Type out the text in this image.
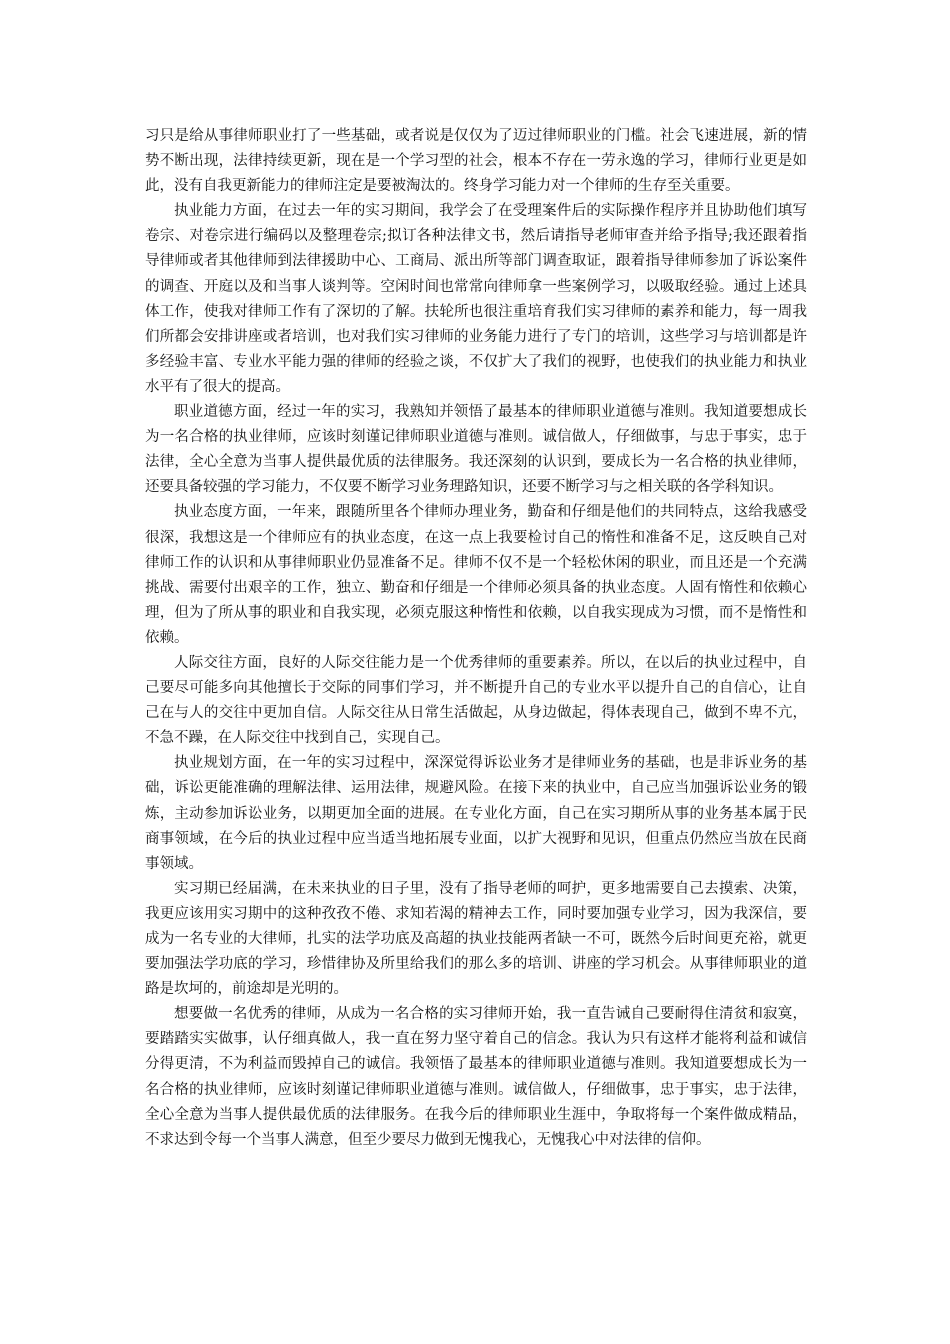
习只是给从事律师职业打了一些基础，或者说是仅仅为了迈过律师职业的门槛。社会飞速进展，新的情势不断出现，法律持续更新，现在是一个学习型的社会，根本不存在一劳永逸的学习，律师行业更是如此，没有自我更新能力的律师注定是要被淘汰的。终身学习能力对一个律师的生存至关重要。

执业能力方面，在过去一年的实习期间，我学会了在受理案件后的实际操作程序并且协助他们填写卷宗、对卷宗进行编码以及整理卷宗;拟订各种法律文书，然后请指导老师审查并给予指导;我还跟着指导律师或者其他律师到法律援助中心、工商局、派出所等部门调查取证，跟着指导律师参加了诉讼案件的调查、开庭以及和当事人谈判等。空闲时间也常常向律师拿一些案例学习，以吸取经验。通过上述具体工作，使我对律师工作有了深切的了解。扶轮所也很注重培育我们实习律师的素养和能力，每一周我们所都会安排讲座或者培训，也对我们实习律师的业务能力进行了专门的培训，这些学习与培训都是许多经验丰富、专业水平能力强的律师的经验之谈，不仅扩大了我们的视野，也使我们的执业能力和执业水平有了很大的提高。

职业道德方面，经过一年的实习，我熟知并领悟了最基本的律师职业道德与准则。我知道要想成长为一名合格的执业律师，应该时刻谨记律师职业道德与准则。诚信做人，仔细做事，与忠于事实，忠于法律，全心全意为当事人提供最优质的法律服务。我还深刻的认识到，要成长为一名合格的执业律师，还要具备较强的学习能力，不仅要不断学习业务理路知识，还要不断学习与之相关联的各学科知识。

执业态度方面，一年来，跟随所里各个律师办理业务，勤奋和仔细是他们的共同特点，这给我感受很深，我想这是一个律师应有的执业态度，在这一点上我要检讨自己的惰性和准备不足，这反映自己对律师工作的认识和从事律师职业仍显准备不足。律师不仅不是一个轻松休闲的职业，而且还是一个充满挑战、需要付出艰辛的工作，独立、勤奋和仔细是一个律师必须具备的执业态度。人固有惰性和依赖心理，但为了所从事的职业和自我实现，必须克服这种惰性和依赖，以自我实现成为习惯，而不是惰性和依赖。

人际交往方面，良好的人际交往能力是一个优秀律师的重要素养。所以，在以后的执业过程中，自己要尽可能多向其他擅长于交际的同事们学习，并不断提升自己的专业水平以提升自己的自信心，让自己在与人的交往中更加自信。人际交往从日常生活做起，从身边做起，得体表现自己，做到不卑不亢，不急不躁，在人际交往中找到自己，实现自己。

执业规划方面，在一年的实习过程中，深深觉得诉讼业务才是律师业务的基础，也是非诉业务的基础，诉讼更能准确的理解法律、运用法律，规避风险。在接下来的执业中，自己应当加强诉讼业务的锻炼，主动参加诉讼业务，以期更加全面的进展。在专业化方面，自己在实习期所从事的业务基本属于民商事领域，在今后的执业过程中应当适当地拓展专业面，以扩大视野和见识，但重点仍然应当放在民商事领域。

实习期已经届满，在未来执业的日子里，没有了指导老师的呵护，更多地需要自己去摸索、决策，我更应该用实习期中的这种孜孜不倦、求知若渴的精神去工作，同时要加强专业学习，因为我深信，要成为一名专业的大律师，扎实的法学功底及高超的执业技能两者缺一不可，既然今后时间更充裕，就更要加强法学功底的学习，珍惜律协及所里给我们的那么多的培训、讲座的学习机会。从事律师职业的道路是坎坷的，前途却是光明的。

想要做一名优秀的律师，从成为一名合格的实习律师开始，我一直告诫自己要耐得住清贫和寂寞，要踏踏实实做事，认仔细真做人，我一直在努力坚守着自己的信念。我认为只有这样才能将利益和诚信分得更清，不为利益而毁掉自己的诚信。我领悟了最基本的律师职业道德与准则。我知道要想成长为一名合格的执业律师，应该时刻谨记律师职业道德与准则。诚信做人，仔细做事，忠于事实，忠于法律，全心全意为当事人提供最优质的法律服务。在我今后的律师职业生涯中，争取将每一个案件做成精品，不求达到令每一个当事人满意，但至少要尽力做到无愧我心，无愧我心中对法律的信仰。
